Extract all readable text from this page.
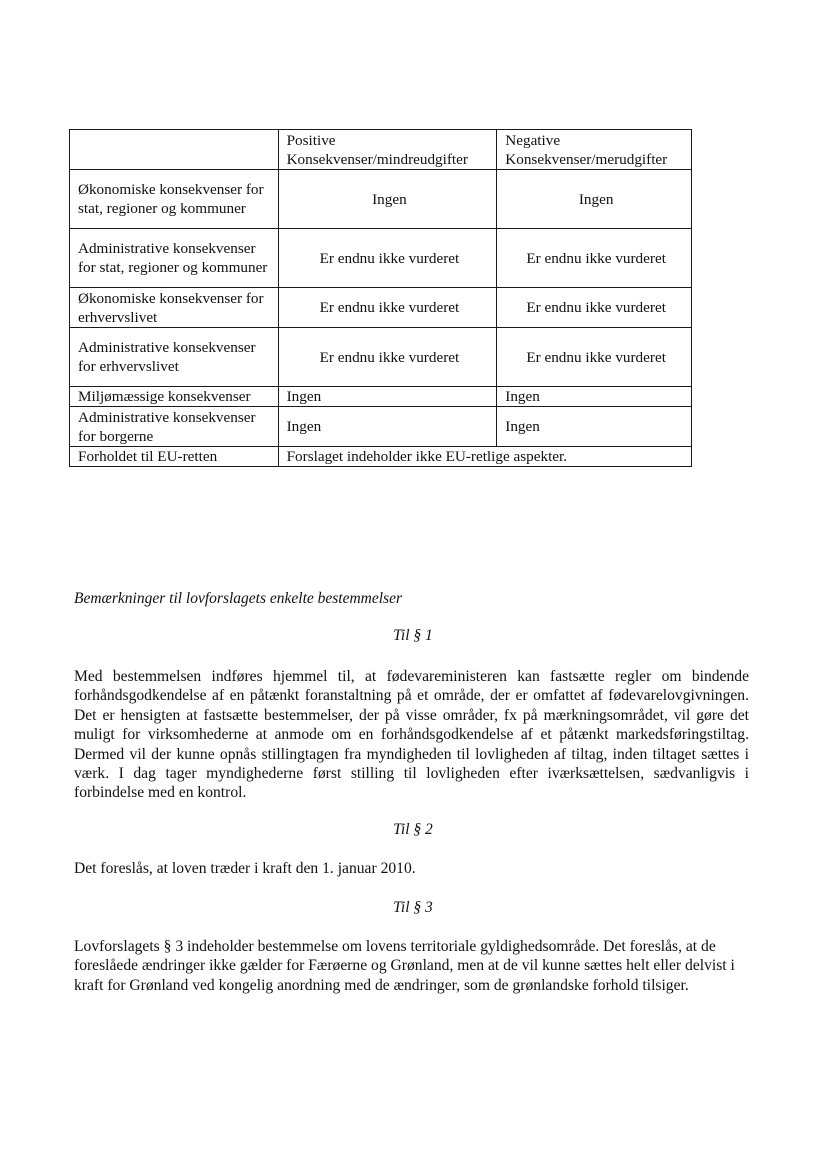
	Positive Konsekvenser/mindreudgifter	Negative Konsekvenser/merudgifter
Økonomiske konsekvenser for stat, regioner og kommuner	Ingen	Ingen
Administrative konsekvenser for stat, regioner og kommuner	Er endnu ikke vurderet	Er endnu ikke vurderet
Økonomiske konsekvenser for erhvervslivet	Er endnu ikke vurderet	Er endnu ikke vurderet
Administrative konsekvenser for erhvervslivet	Er endnu ikke vurderet	Er endnu ikke vurderet
Miljømæssige konsekvenser	Ingen	Ingen
Administrative konsekvenser for borgerne	Ingen	Ingen
Forholdet til EU-retten	Forslaget indeholder ikke EU-retlige aspekter.	
Bemærkninger til lovforslagets enkelte bestemmelser
Til § 1
Med bestemmelsen indføres hjemmel til, at fødevareministeren kan fastsætte regler om bindende forhåndsgodkendelse af en påtænkt foranstaltning på et område, der er omfattet af fødevarelovgivningen. Det er hensigten at fastsætte bestemmelser, der på visse områder, fx på mærkningsområdet, vil gøre det muligt for virksomhederne at anmode om en forhåndsgodkendelse af et påtænkt markedsføringstiltag. Dermed vil der kunne opnås stillingtagen fra myndigheden til lovligheden af tiltag, inden tiltaget sættes i værk. I dag tager myndighederne først stilling til lovligheden efter iværksættelsen, sædvanligvis i forbindelse med en kontrol.
Til § 2
Det foreslås, at loven træder i kraft den 1. januar 2010.
Til § 3
Lovforslagets § 3 indeholder bestemmelse om lovens territoriale gyldighedsområde. Det foreslås, at de foreslåede ændringer ikke gælder for Færøerne og Grønland, men at de vil kunne sættes helt eller delvist i kraft for Grønland ved kongelig anordning med de ændringer, som de grønlandske forhold tilsiger.
